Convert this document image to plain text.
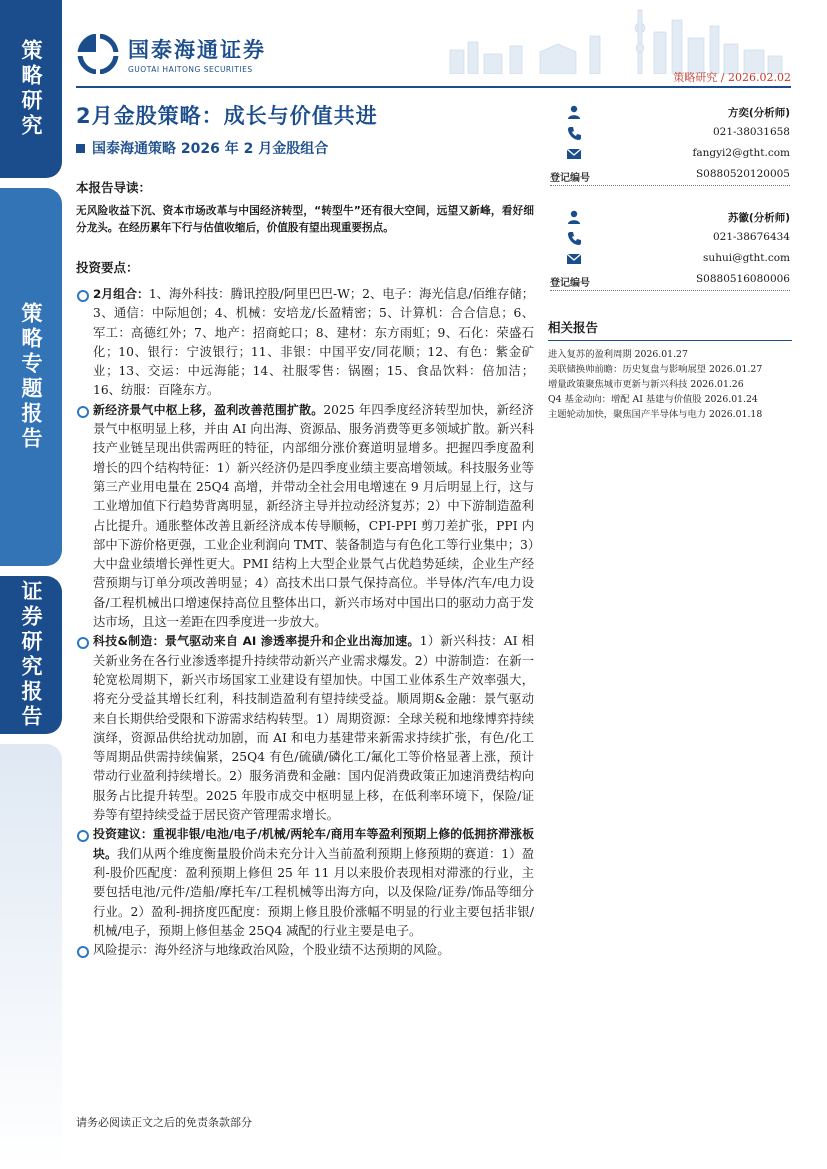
策略研究
策略专题报告
证券研究报告
国泰海通证券
GUOTAI HAITONG SECURITIES
策略研究 / 2026.02.02
2月金股策略：成长与价值共进
国泰海通策略 2026 年 2 月金股组合
方奕(分析师)
021-38031658
fangyi2@gtht.com
登记编号	S0880520120005
苏徽(分析师)
021-38676434
suhui@gtht.com
登记编号	S0880516080006
相关报告
进入复苏的盈利周期 2026.01.27
美联储换帅前瞻：历史复盘与影响展望 2026.01.27
增量政策聚焦城市更新与新兴科技 2026.01.26
Q4 基金动向：增配 AI 基建与价值股 2026.01.24
主题轮动加快，聚焦国产半导体与电力 2026.01.18
本报告导读：
无风险收益下沉、资本市场改革与中国经济转型，“转型牛”还有很大空间，远望又新峰，看好细分龙头。在经历累年下行与估值收缩后，价值股有望出现重要拐点。
投资要点：
2月组合：1、海外科技：腾讯控股/阿里巴巴-W；2、电子：海光信息/佰维存储；3、通信：中际旭创；4、机械：安培龙/长盈精密；5、计算机：合合信息；6、军工：高德红外；7、地产：招商蛇口；8、建材：东方雨虹；9、石化：荣盛石化；10、银行：宁波银行；11、非银：中国平安/同花顺；12、有色：紫金矿业；13、交运：中远海能；14、社服零售：锅圈；15、食品饮料：倍加洁；16、纺服：百隆东方。
新经济景气中枢上移，盈利改善范围扩散。2025 年四季度经济转型加快，新经济景气中枢明显上移，并由 AI 向出海、资源品、服务消费等更多领域扩散。新兴科技产业链呈现出供需两旺的特征，内部细分涨价赛道明显增多。把握四季度盈利增长的四个结构特征：1）新兴经济仍是四季度业绩主要高增领域。科技服务业等第三产业用电量在 25Q4 高增，并带动全社会用电增速在 9 月后明显上行，这与工业增加值下行趋势背离明显，新经济主导并拉动经济复苏；2）中下游制造盈利占比提升。通胀整体改善且新经济成本传导顺畅，CPI-PPI 剪刀差扩张，PPI 内部中下游价格更强，工业企业利润向 TMT、装备制造与有色化工等行业集中；3）大中盘业绩增长弹性更大。PMI 结构上大型企业景气占优趋势延续，企业生产经营预期与订单分项改善明显；4）高技术出口景气保持高位。半导体/汽车/电力设备/工程机械出口增速保持高位且整体出口，新兴市场对中国出口的驱动力高于发达市场，且这一差距在四季度进一步放大。
科技&制造：景气驱动来自 AI 渗透率提升和企业出海加速。1）新兴科技：AI 相关新业务在各行业渗透率提升持续带动新兴产业需求爆发。2）中游制造：在新一轮宽松周期下，新兴市场国家工业建设有望加快。中国工业体系生产效率强大，将充分受益其增长红利，科技制造盈利有望持续受益。顺周期&金融：景气驱动来自长期供给受限和下游需求结构转型。1）周期资源：全球关税和地缘博弈持续演绎，资源品供给扰动加剧，而 AI 和电力基建带来新需求持续扩张，有色/化工等周期品供需持续偏紧，25Q4 有色/硫磺/磷化工/氟化工等价格显著上涨，预计带动行业盈利持续增长。2）服务消费和金融：国内促消费政策正加速消费结构向服务占比提升转型。2025 年股市成交中枢明显上移，在低利率环境下，保险/证券等有望持续受益于居民资产管理需求增长。
投资建议：重视非银/电池/电子/机械/两轮车/商用车等盈利预期上修的低拥挤滞涨板块。我们从两个维度衡量股价尚未充分计入当前盈利预期上修预期的赛道：1）盈利-股价匹配度：盈利预期上修但 25 年 11 月以来股价表现相对滞涨的行业，主要包括电池/元件/造船/摩托车/工程机械等出海方向，以及保险/证券/饰品等细分行业。2）盈利-拥挤度匹配度：预期上修且股价涨幅不明显的行业主要包括非银/机械/电子，预期上修但基金 25Q4 减配的行业主要是电子。
风险提示：海外经济与地缘政治风险，个股业绩不达预期的风险。
请务必阅读正文之后的免责条款部分
